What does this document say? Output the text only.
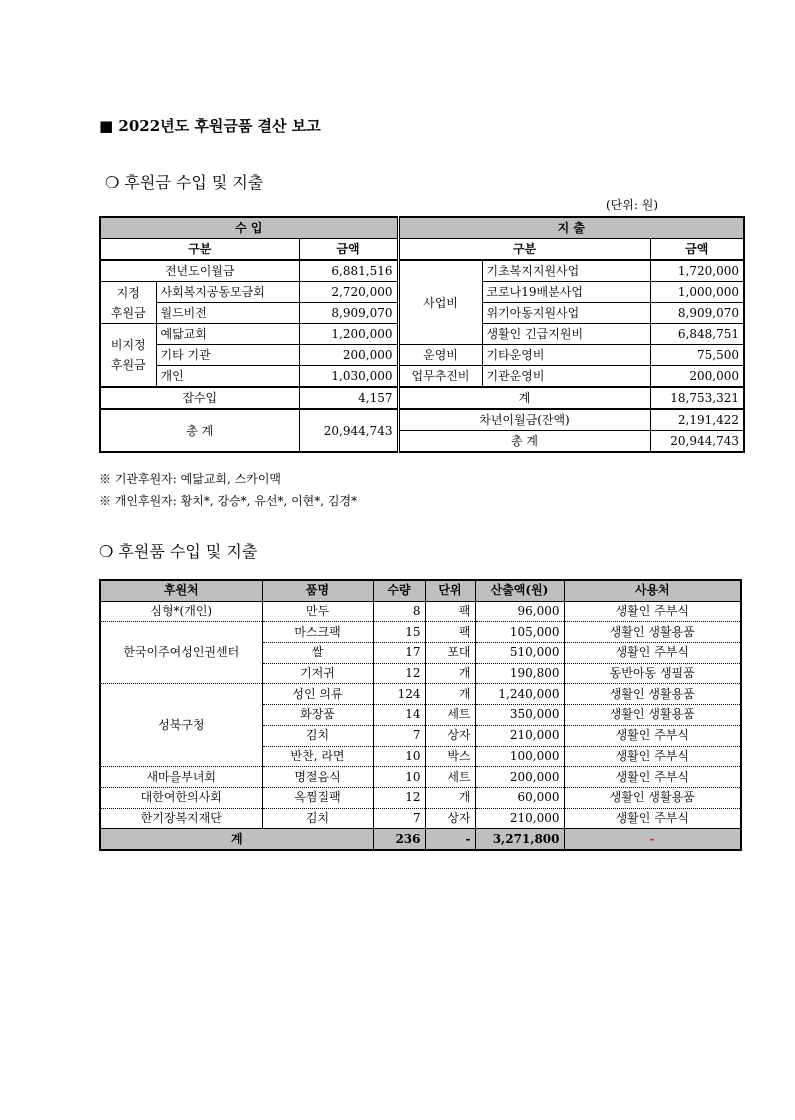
■ 2022년도 후원금품 결산 보고
❍ 후원금 수입 및 지출
(단위: 원)
수 입			지 출		
구분		금액	구분		금액
전년도이월금		6,881,516	사업비	기초복지지원사업	1,720,000

지정
후원금	사회복지공동모금회	2,720,000		코로나19배분사업	1,000,000
	월드비전	8,909,070		위기아동지원사업	8,909,070

비지정
후원금	예닯교회	1,200,000		생활인 긴급지원비	6,848,751
	기타 기관	200,000	운영비	기타운영비	75,500
	개인	1,030,000	업무추진비	기관운영비	200,000
잡수입		4,157	계		18,753,321
총 계		20,944,743	차년이월금(잔액)		2,191,422
			총 계		20,944,743
※ 기관후원자: 예닮교회, 스카이맥
※ 개인후원자: 황치*, 강승*, 유선*, 이현*, 김경*
❍ 후원품 수입 및 지출
후원처	품명	수량	단위	산출액(원)	사용처
심형*(개인)	만두	8	팩	96,000	생활인 주부식
한국이주여성인권센터	마스크팩	15	팩	105,000	생활인 생활용품
	쌀	17	포대	510,000	생활인 주부식
	기저귀	12	개	190,800	동반아동 생필품
성북구청	성인 의류	124	개	1,240,000	생활인 생활용품
	화장품	14	세트	350,000	생활인 생활용품
	김치	7	상자	210,000	생활인 주부식
	반찬, 라면	10	박스	100,000	생활인 주부식
새마을부녀회	명절음식	10	세트	200,000	생활인 주부식
대한여한의사회	옥찜질팩	12	개	60,000	생활인 생활용품
한기장복지재단	김치	7	상자	210,000	생활인 주부식
계		236	-	3,271,800	-
